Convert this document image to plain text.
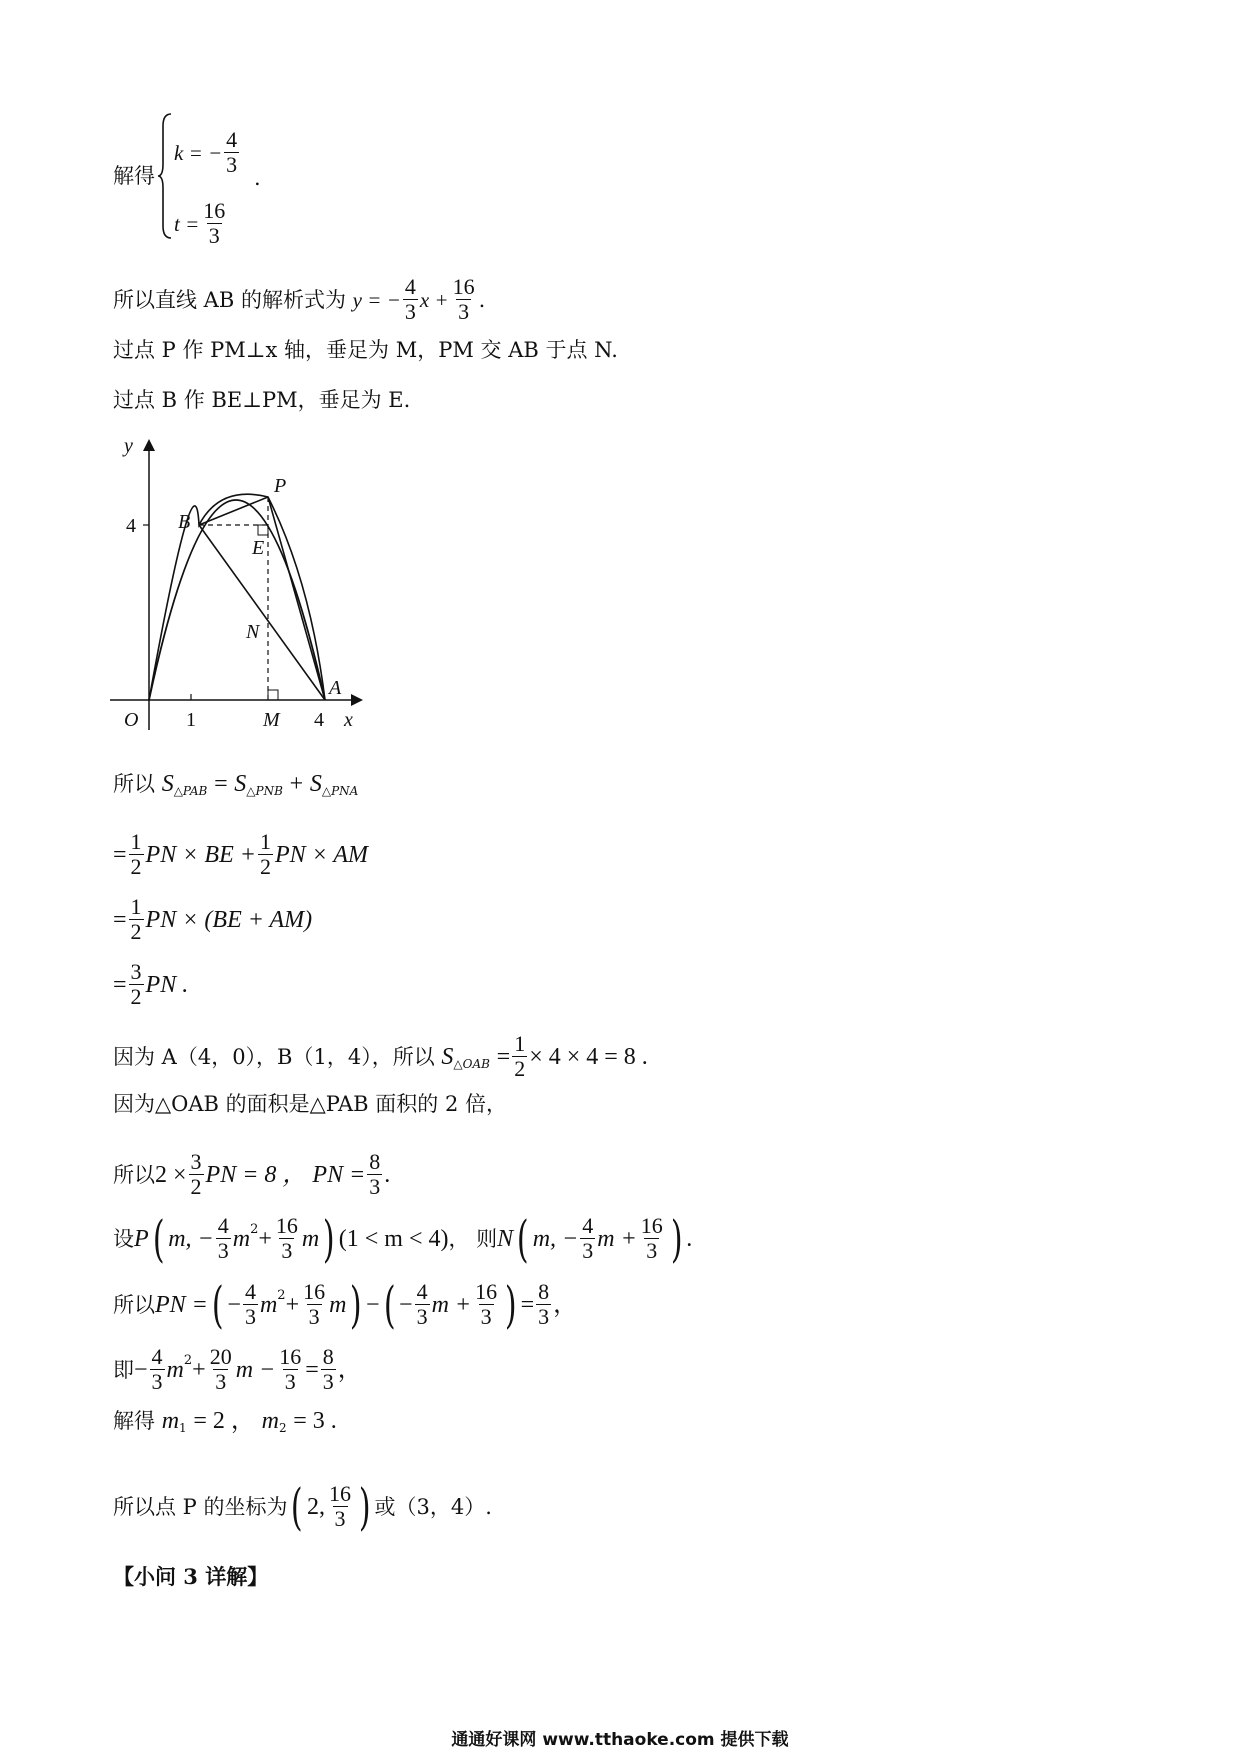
解得
k = − $\frac{4}{3}$
$t = \frac{16}{3}$
.
所以直线 AB 的解析式为
y = − $\frac{4}{3}$ $x + \frac{16}{3}$ .
过点 P 作 PM⊥x 轴，垂足为 M，PM 交 AB 于点 N.
过点 B 作 BE⊥PM，垂足为 E.
y
x
O	M
A
B
P
E
N
1	4
4
所以
S △PAB
=
S △PNB
+
S △PNA
= $\frac{1}{2}$ PN × BE + $\frac{1}{2}$ PN × AM
= $\frac{1}{2}$ PN × (BE + AM)
= $\frac{3}{2}$ PN .
因为 A（4，0），B（1，4），所以
S △OAB
= $\frac{1}{2} \times 4 \times 4 = 8$ .
因为△OAB 的面积是△PAB 面积的 2 倍，
所以 $2 \times \frac{3}{2}$ PN = 8 ， PN = $\frac{8}{3}$ .
设 P ( m, − $\frac{4}{3}$ m $2 + \frac{16}{3}$ m ) (1 < m < 4) ， 则 N ( m, − $\frac{4}{3}$ $m + \frac{16}{3}$ ) .
所以 PN = ( − $\frac{4}{3}$ m $2 + \frac{16}{3}$ m ) − ( − $\frac{4}{3}$ $m + \frac{16}{3}$ ) = $\frac{8}{3}$ ，
即 − $\frac{4}{3}$ m $2 + \frac{20}{3}$ $m - \frac{16}{3} = \frac{8}{3}$ ，
解得
m 1
= 2 ，
m 2
= 3 .
所以点 P 的坐标为 ( 2, $\frac{16}{3}$ ) 或（3，4）.
【小问 3 详解】
通通好课网 www.tthaoke.com 提供下载
